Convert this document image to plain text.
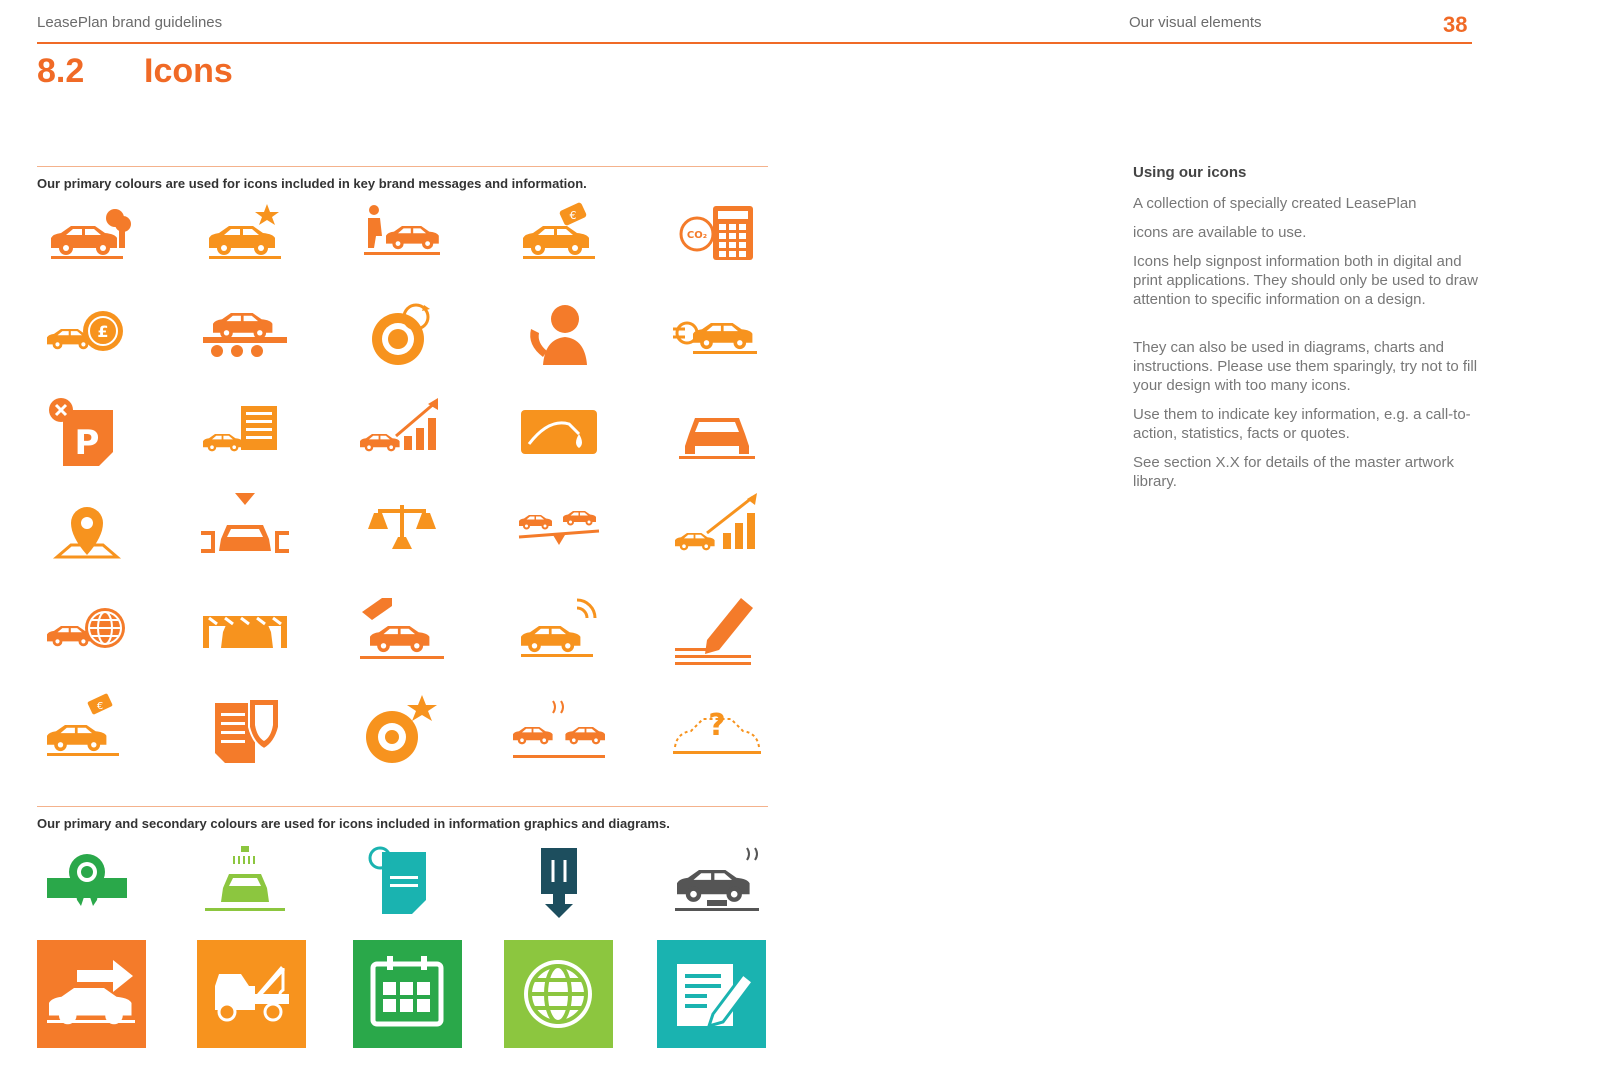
LeasePlan brand guidelines	Our visual elements	38
8.2 Icons
Our primary colours are used for icons included in key brand messages and information.
€
CO₂
£
P
€
?
Our primary and secondary colours are used for icons included in information graphics and diagrams.
Using our icons
A collection of specially created LeasePlan
icons are available to use.
Icons help signpost information both in digital and print applications. They should only be used to draw attention to specific information on a design.
They can also be used in diagrams, charts and instructions. Please use them sparingly, try not to fill your design with too many icons.
Use them to indicate key information, e.g. a call-to-action, statistics, facts or quotes.
See section X.X for details of the master artwork library.
